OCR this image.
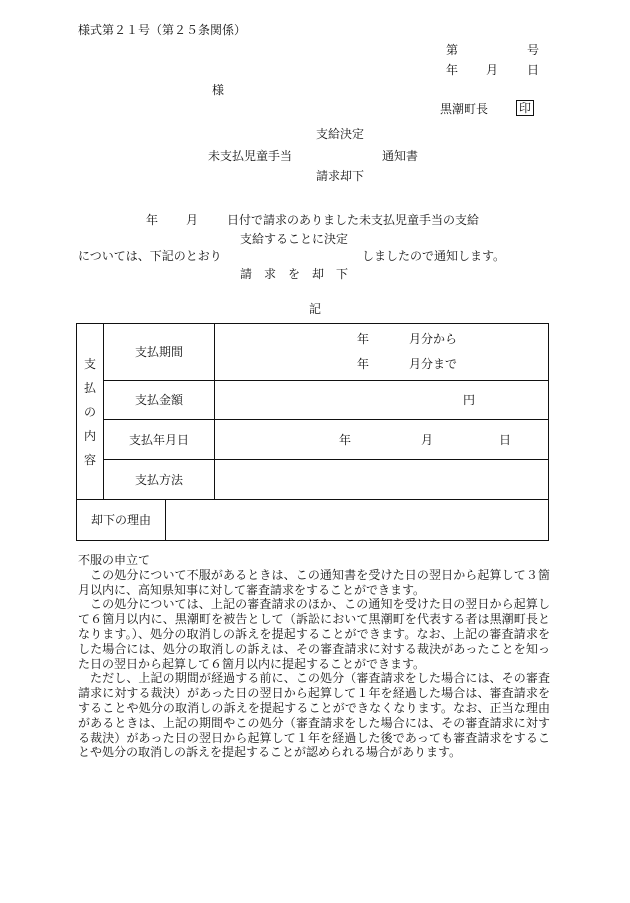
様式第２１号（第２５条関係）
第	号
年 月 日
様
黒潮町長	印
支給決定
未支払児童手当	通知書
請求却下
年 月 日付で請求のありました未支払児童手当の支給
支給することに決定
については、下記のとおり	しましたので通知します。
請　求　を　却　下
記
支
払
の
内
容	支払期間	年 月分から
年 月分まで

	支払金額	円

	支払年月日	年 月 日

	支払方法	

却下の理由		

不服の申立て

この処分について不服があるときは、この通知書を受けた日の翌日から起算して３箇月以内に、高知県知事に対して審査請求をすることができます。

この処分については、上記の審査請求のほか、この通知を受けた日の翌日から起算して６箇月以内に、黒潮町を被告として（訴訟において黒潮町を代表する者は黒潮町長となります。）、処分の取消しの訴えを提起することができます。なお、上記の審査請求をした場合には、処分の取消しの訴えは、その審査請求に対する裁決があったことを知った日の翌日から起算して６箇月以内に提起することができます。

ただし、上記の期間が経過する前に、この処分（審査請求をした場合には、その審査請求に対する裁決）があった日の翌日から起算して１年を経過した場合は、審査請求をすることや処分の取消しの訴えを提起することができなくなります。なお、正当な理由があるときは、上記の期間やこの処分（審査請求をした場合には、その審査請求に対する裁決）があった日の翌日から起算して１年を経過した後であっても審査請求をすることや処分の取消しの訴えを提起することが認められる場合があります。
